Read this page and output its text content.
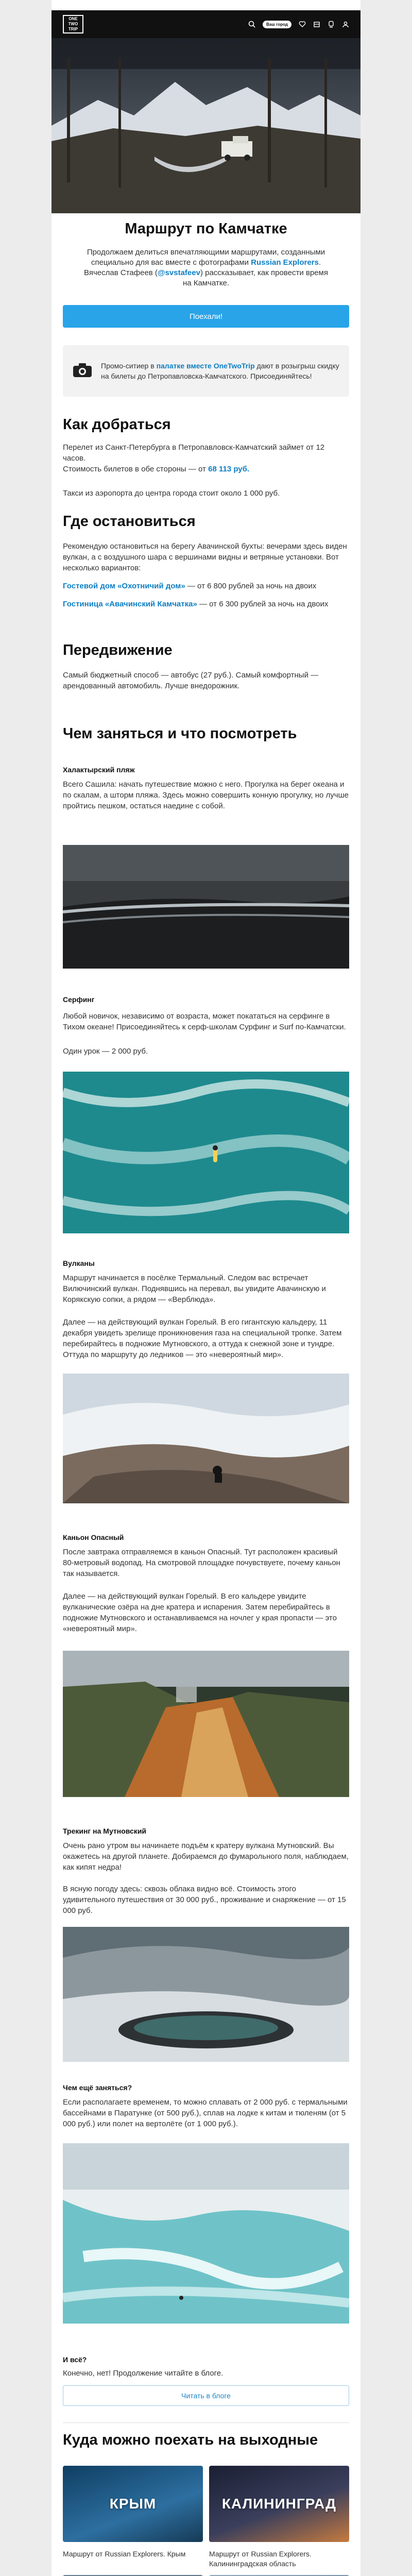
ONE TWO TRIP
Ваш город
Маршрут по Камчатке
Продолжаем делиться впечатляющими маршрутами, созданными специально для вас вместе с фотографами Russian Explorers. Вячеслав Стафеев (@svstafeev) рассказывает, как провести время на Камчатке.
Поехали!
Промо-ситиер в палатке вместе OneTwoTrip дают в розыгрыш скидку на билеты до Петропавловска-Камчатского. Присоединяйтесь!
Как добраться

Перелет из Санкт-Петербурга в Петропавловск-Камчатский займет от 12 часов.

Стоимость билетов в обе стороны — от 68 113 руб.

Такси из аэропорта до центра города стоит около 1 000 руб.

Где остановиться

Рекомендую остановиться на берегу Авачинской бухты: вечерами здесь виден вулкан, а с воздушного шара с вершинами видны и ветряные установки. Вот несколько вариантов:

Гостевой дом «Охотничий дом» — от 6 800 рублей за ночь на двоих

Гостиница «Авачинский Камчатка» — от 6 300 рублей за ночь на двоих

Передвижение
Самый бюджетный способ — автобус (27 руб.). Самый комфортный — арендованный автомобиль. Лучше внедорожник.
Чем заняться и что посмотреть
Халактырский пляж
Всего Сашила: начать путешествие можно с него. Прогулка на берег океана и по скалам, а шторм пляжа. Здесь можно совершить конную прогулку, но лучше пройтись пешком, остаться наедине с собой.
Серфинг
Любой новичок, независимо от возраста, может покататься на серфинге в Тихом океане! Присоединяйтесь к серф-школам Сурфинг и Surf по-Камчатски.
Один урок — 2 000 руб.
Вулканы
Маршрут начинается в посёлке Термальный. Следом вас встречает Вилючинский вулкан. Поднявшись на перевал, вы увидите Авачинскую и Корякскую сопки, а рядом — «Верблюда».
Далее — на действующий вулкан Горелый. В его гигантскую кальдеру, 11 декабря увидеть зрелище проникновения газа на специальной тропке. Затем перебирайтесь в подножие Мутновского, а оттуда к снежной зоне и тундре. Оттуда по маршруту до ледников — это «невероятный мир».
Каньон Опасный
После завтрака отправляемся в каньон Опасный. Тут расположен красивый 80-метровый водопад. На смотровой площадке почувствуете, почему каньон так называется.
Далее — на действующий вулкан Горелый. В его кальдере увидите вулканические озёра на дне кратера и испарения. Затем перебирайтесь в подножие Мутновского и останавливаемся на ночлег у края пропасти — это «невероятный мир».
Трекинг на Мутновский
Очень рано утром вы начинаете подъём к кратеру вулкана Мутновский. Вы окажетесь на другой планете. Добираемся до фумарольного поля, наблюдаем, как кипят недра!
В ясную погоду здесь: сквозь облака видно всё. Стоимость этого удивительного путешествия от 30 000 руб., проживание и снаряжение — от 15 000 руб.
Чем ещё заняться?
Если располагаете временем, то можно сплавать от 2 000 руб. с термальными бассейнами в Паратунке (от 500 руб.), сплав на лодке к китам и тюленям (от 5 000 руб.) или полет на вертолёте (от 1 000 руб.).
И всё?
Конечно, нет! Продолжение читайте в блоге.
Читать в блоге
Куда можно поехать на выходные
КРЫМ
Маршрут от Russian Explorers. Крым
КАЛИНИНГРАД
Маршрут от Russian Explorers. Калининградская область
